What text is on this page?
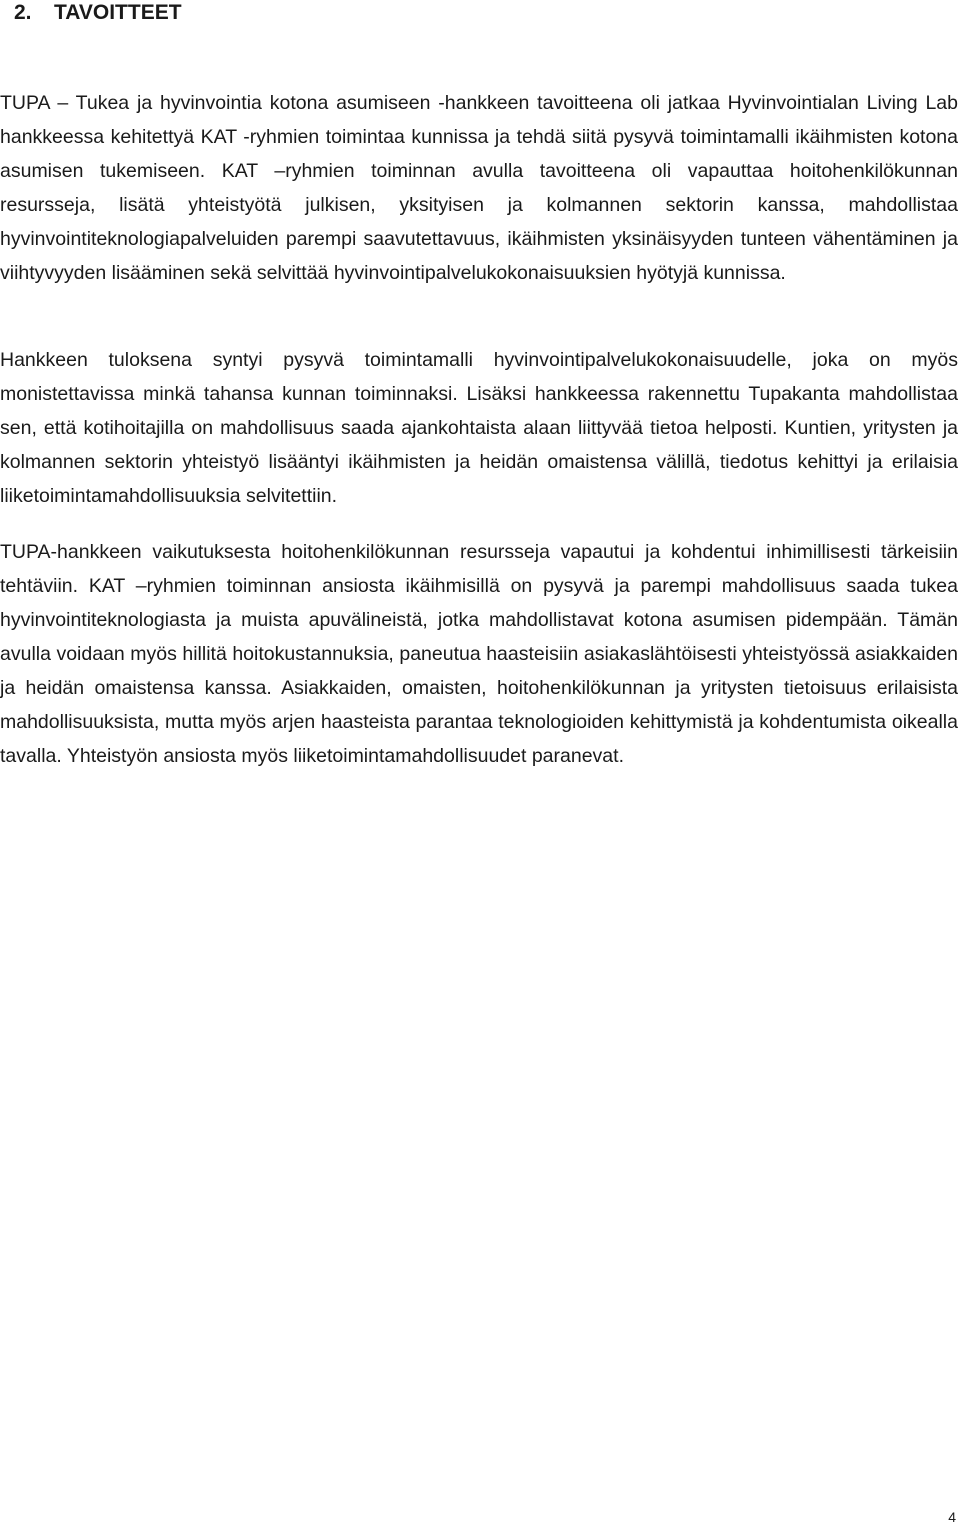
2. TAVOITTEET

TUPA – Tukea ja hyvinvointia kotona asumiseen -hankkeen tavoitteena oli jatkaa Hyvinvointialan Living Lab hankkeessa kehitettyä KAT -ryhmien toimintaa kunnissa ja tehdä siitä pysyvä toimintamalli ikäihmisten kotona asumisen tukemiseen. KAT –ryhmien toiminnan avulla tavoitteena oli vapauttaa hoitohenkilökunnan resursseja, lisätä yhteistyötä julkisen, yksityisen ja kolmannen sektorin kanssa, mahdollistaa hyvinvointiteknologiapalveluiden parempi saavutettavuus, ikäihmisten yksinäisyyden tunteen vähentäminen ja viihtyvyyden lisääminen sekä selvittää hyvinvointipalvelukokonaisuuksien hyötyjä kunnissa.

Hankkeen tuloksena syntyi pysyvä toimintamalli hyvinvointipalvelukokonaisuudelle, joka on myös monistettavissa minkä tahansa kunnan toiminnaksi. Lisäksi hankkeessa rakennettu Tupakanta mahdollistaa sen, että kotihoitajilla on mahdollisuus saada ajankohtaista alaan liittyvää tietoa helposti. Kuntien, yritysten ja kolmannen sektorin yhteistyö lisääntyi ikäihmisten ja heidän omaistensa välillä, tiedotus kehittyi ja erilaisia liiketoimintamahdollisuuksia selvitettiin.

TUPA-hankkeen vaikutuksesta hoitohenkilökunnan resursseja vapautui ja kohdentui inhimillisesti tärkeisiin tehtäviin. KAT –ryhmien toiminnan ansiosta ikäihmisillä on pysyvä ja parempi mahdollisuus saada tukea hyvinvointiteknologiasta ja muista apuvälineistä, jotka mahdollistavat kotona asumisen pidempään. Tämän avulla voidaan myös hillitä hoitokustannuksia, paneutua haasteisiin asiakaslähtöisesti yhteistyössä asiakkaiden ja heidän omaistensa kanssa. Asiakkaiden, omaisten, hoitohenkilökunnan ja yritysten tietoisuus erilaisista mahdollisuuksista, mutta myös arjen haasteista parantaa teknologioiden kehittymistä ja kohdentumista oikealla tavalla. Yhteistyön ansiosta myös liiketoimintamahdollisuudet paranevat.

4
